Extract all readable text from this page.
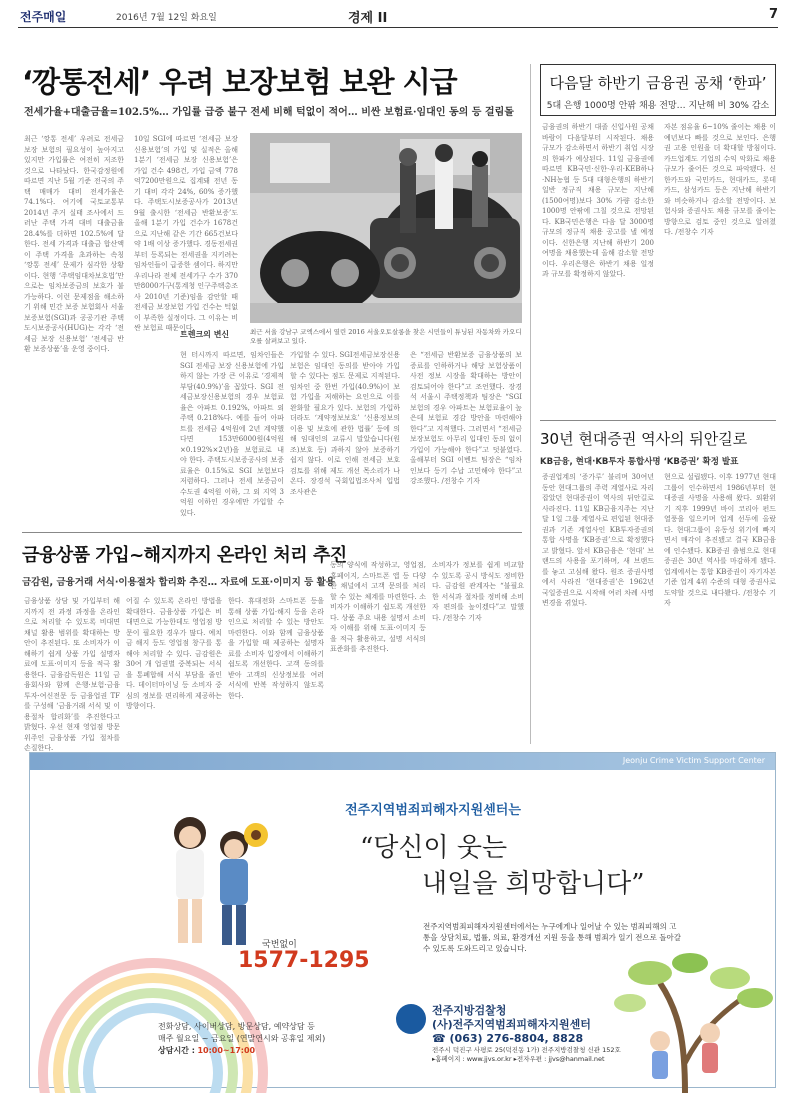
전주매일	2016년 7월 12일 화요일	경제 II	7
‘깡통전세’ 우려 보장보험 보완 시급
전세가율+대출금율=102.5%… 가입률 급증 불구 전세 비해 턱없이 적어… 비싼 보험료·임대인 동의 등 걸림돌
최근 ‘깡통 전세’ 우려로 전세금 보장 보험의 필요성이 높아지고 있지만 가입률은 여전히 저조한 것으로 나타났다. 한국감정원에 따르면 지난 5월 기준 전국의 주택 매매가 대비 전세가율은 74.1%다. 여기에 국토교통부 2014년 주거 실태 조사에서 드러난 주택 가격 대비 대출금율 28.4%를 더하면 102.5%에 달한다. 전세 가격과 대출금 합산액이 주택 가격을 초과하는 속칭 ‘깡통 전세’ 문제가 심각한 상황이다. 현행 ‘주택임대차보호법’만으로는 임차보증금의 보호가 불가능하다. 이런 문제점을 해소하기 위해 민간 보증 보험회사 서울보증보험(SGI)과 공공기관 주택도시보증공사(HUG)는 각각 ‘전세금 보장 신용보험’ ‘전세금 반환 보증상품’을 운영 중이다.
10일 SGI에 따르면 ‘전세금 보장 신용보험’의 가입 및 실적은 올해 1분기 ‘전세금 보장 신용보험’은 가입 건수 498건, 가입 금액 778억7200만원으로 집계돼 전년 동기 대비 각각 24%, 60% 증가했다. 주택도시보증공사가 2013년 9월 출시한 ‘전세금 반환보증’도 올해 1분기 가입 건수가 1678건으로 지난해 같은 기간 665건보다 약 1배 이상 증가했다. 경동전세권부터 등록되는 전세권을 지키려는 임차인들이 급증한 셈이다. 하지만 우리나라 전체 전세가구 수가 370만8000가구(통계청 인구주택총조사 2010년 기준)임을 감안할 때 전세금 보장보험 가입 건수는 턱없이 부족한 실정이다. 그 이유는 비싼 보험료 때문이다.
트렌크의 변신	최근 서울 강남구 코엑스에서 열린 2016 서울오토살롱을 찾은 시민들이 튜닝된 자동차와 카오디오를 살펴보고 있다.
현 터시까지 따르면, 임차인들은 SGI 전세금 보장 신용보험에 가입하지 않는 가장 큰 이유로 ‘경제적 부담(40.9%)’을 꼽았다. SGI 전세금보장신용보험의 경우 보험료율은 아파트 0.192%, 아파트 외 주택 0.218%다. 예를 들어 아파트를 전세금 4억원에 2년 계약했다면 153만6000원(4억원×0.192%×2년)을 보험료로 내야 한다. 주택도시보증공사의 보증료율은 0.15%로 SGI 보험보다 저렴하다. 그러나 전세 보증금이 수도권 4억원 이하, 그 외 지역 3억원 이하인 경우에만 가입할 수 있다.
가입할 수 있다. SGI전세금보장신용보험은 임대인 동의를 받아야 가입할 수 있다는 점도 문제로 지적된다. 임차인 중 한번 가입(40.9%)이 보험 가입을 저해하는 요인으로 이를 완화할 필요가 있다. 보험의 가입하더라도 ‘계약정보보호’ ‘신용정보의 이용 및 보호에 관한 법률’ 등에 의해 임대인의 교류시 말았습니다(원조)보호 등) 과하지 않아 보증하기 쉽지 않다. 이로 인해 전세금 보호 검토를 위해 제도 개선 목소리가 나온다. 장경석 국회입법조사처 입법조사관은
은 “전세금 반환보증 금융상품의 보증료를 인하하거나 해당 보험상품이 사전 정보 시장을 확대하는 방안이 검토되어야 한다”고 조언했다. 장경석 서울시 주택정책과 팀장은 “SGI 보험의 경우 아파트는 보험료율이 높은데 보험료 경감 방안을 마련해야 한다”고 지적했다. 그러면서 “전세금보장보험도 아무리 입대인 동의 없이 가입이 가능해야 한다”고 덧붙였다. 올해부터 SGI 이벤트 팀장은 “임차인보다 등기 수납 고민해야 한다”고 강조했다. /전창수 기자
다음달 하반기 금융권 공채 ‘한파’
5대 은행 1000명 안팎 채용 전망… 지난해 비 30% 감소
금융권의 하반기 대졸 신입사원 공채 바람이 다음달부터 시작된다. 채용 규모가 감소하면서 하반기 취업 시장의 한파가 예상된다. 11일 금융권에 따르면 KB국민·신한·우리·KEB하나·NH농협 등 5대 대형은행의 하반기 일반 정규직 채용 규모는 지난해(1500여명)보다 30% 가량 감소한 1000명 안팎에 그칠 것으로 전망된다. KB국민은행은 다음 달 3000명 규모의 정규직 채용 공고를 낼 예정이다. 신한은행 지난해 하반기 200여명을 채용했는데 올해 감소할 전망이다. 우리은행은 하반기 채용 일정과 규모를 확정하지 않았다.
자본 점유율 6~10% 줄이는 채용 이 예년보다 빠를 것으로 보인다. 은행권 고용 인원을 더 확대할 방침이다. 카드업계도 기업의 수익 악화로 채용 규모가 줄어든 것으로 파악됐다. 신한카드와 국민카드, 현대카드, 롯데카드, 삼성카드 등은 지난해 하반기와 비슷하거나 감소할 전망이다. 보험사와 증권사도 채용 규모를 줄이는 방향으로 검토 중인 것으로 알려졌다. /전창수 기자
30년 현대증권 역사의 뒤안길로
KB금융, 현대·KB투자 통합사명 ‘KB증권’ 확정 발표
증권업계의 ‘증가루’ 불리며 30여년 동안 현대그룹의 주력 계열사로 자리잡았던 현대증권이 역사의 뒤안길로 사라진다. 11일 KB금융지주는 지난달 1일 그룹 계열사로 편입된 현대증권과 기존 계열사인 KB투자증권의 통합 사명을 ‘KB증권’으로 확정했다고 밝혔다. 앞서 KB금융은 ‘현대’ 브랜드의 사용을 포기하며, 새 브랜드를 놓고 고심해 왔다. 원조 증권사명에서 사라진 ‘현대증권’은 1962년 국일증권으로 시작해 여러 차례 사명 변경을 겪었다.
현으로 설립됐다. 이후 1977년 현대그룹이 인수하면서 1986년부터 현대증권 사명을 사용해 왔다. 외환위기 직후 1999년 바이 코리아 펀드 열풍을 일으키며 업계 선두에 올랐다. 현대그룹이 유동성 위기에 빠지면서 매각이 추진됐고 결국 KB금융에 인수됐다. KB증권 출범으로 현대증권은 30년 역사를 마감하게 됐다. 업계에서는 통합 KB증권이 자기자본 기준 업계 4위 수준의 대형 증권사로 도약할 것으로 내다봤다. /전창수 기자
금융상품 가입~해지까지 온라인 처리 추진
금감원, 금융거래 서식·이용절차 합리화 추진… 자료에 도표·이미지 등 활용
금융상품 상담 및 가입부터 해지까지 전 과정 과정을 온라인으로 처리할 수 있도록 비대면 채널 활용 범위를 확대하는 방안이 추진된다. 또 소비자가 이해하기 쉽게 상품 가입 설명자료에 도표·이미지 등을 적극 활용한다. 금융감독원은 11일 금융회사와 함께 은행·보험·금융투자·여신전문 등 금융업권 TF를 구성해 ‘금융거래 서식 및 이용절차 합리화’를 추진한다고 밝혔다. 우선 현재 영업점 방문 위주인 금융상품 가입 절차를 손질한다.
어질 수 있도록 온라인 방법을 확대한다. 금융상품 가입은 비대면으로 가능한데도 영업점 방문이 필요한 경우가 많다. 예치금 해지 등도 영업점 창구를 통해야 처리할 수 있다. 금감원은 30여 개 업권별 중복되는 서식을 통폐합해 서식 부담을 줄인다. 데이터마이닝 등 소비자 중심의 정보를 편리하게 제공하는 방향이다.
한다. 휴대전화 스마트폰 등을 통해 상품 가입·해지 등을 온라인으로 처리할 수 있는 방안도 마련한다. 이와 함께 금융상품을 가입할 때 제공하는 설명자료를 소비자 입장에서 이해하기 쉽도록 개선한다. 고객 동의를 받아 고객의 신상정보를 여러 서식에 반복 작성하지 않도록 한다.
동의 양식에 작성하고, 영업점, 홈페이지, 스마트폰 앱 등 다양한 채널에서 고객 문의를 처리할 수 있는 체계를 마련한다. 소비자가 이해하기 쉽도록 개선한다. 상품 주요 내용 설명서 소비자 이해를 위해 도표·이미지 등을 적극 활용하고, 설명 서식의 표준화를 추진한다.
소비자가 정보를 쉽게 비교할 수 있도록 공시 방식도 정비한다. 금감원 관계자는 “불필요한 서식과 절차를 정비해 소비자 편의를 높이겠다”고 말했다. /전창수 기자
Jeonju Crime Victim Support Center
전주지역범죄피해자지원센터는
“당신이 웃는
내일을 희망합니다”
전주지역범죄피해자지원센터에서는 누구에게나 일어날 수 있는 범죄피해의 고통을 상담치료, 법률, 의료, 환경개선 지원 등을 통해 범죄가 일기 전으로 돌아갈 수 있도록 도와드리고 있습니다.
국번없이
1577-1295
전화상담, 사이버상담, 방문상담, 예약상담 등
매주 월요일 ~ 금요일 (연말연시와 공휴일 제외)
상담시간 : 10:00~17:00
전주지방검찰청
(사)전주지역범죄피해자지원센터
☎ (063) 276-8804, 8828
전주시 덕진구 사평로 25(덕진동 1가) 전주지방검찰청 신관 152호
▸홈페이지 : www.jjvs.or.kr ▸전자우편 : jjvs@hanmail.net
